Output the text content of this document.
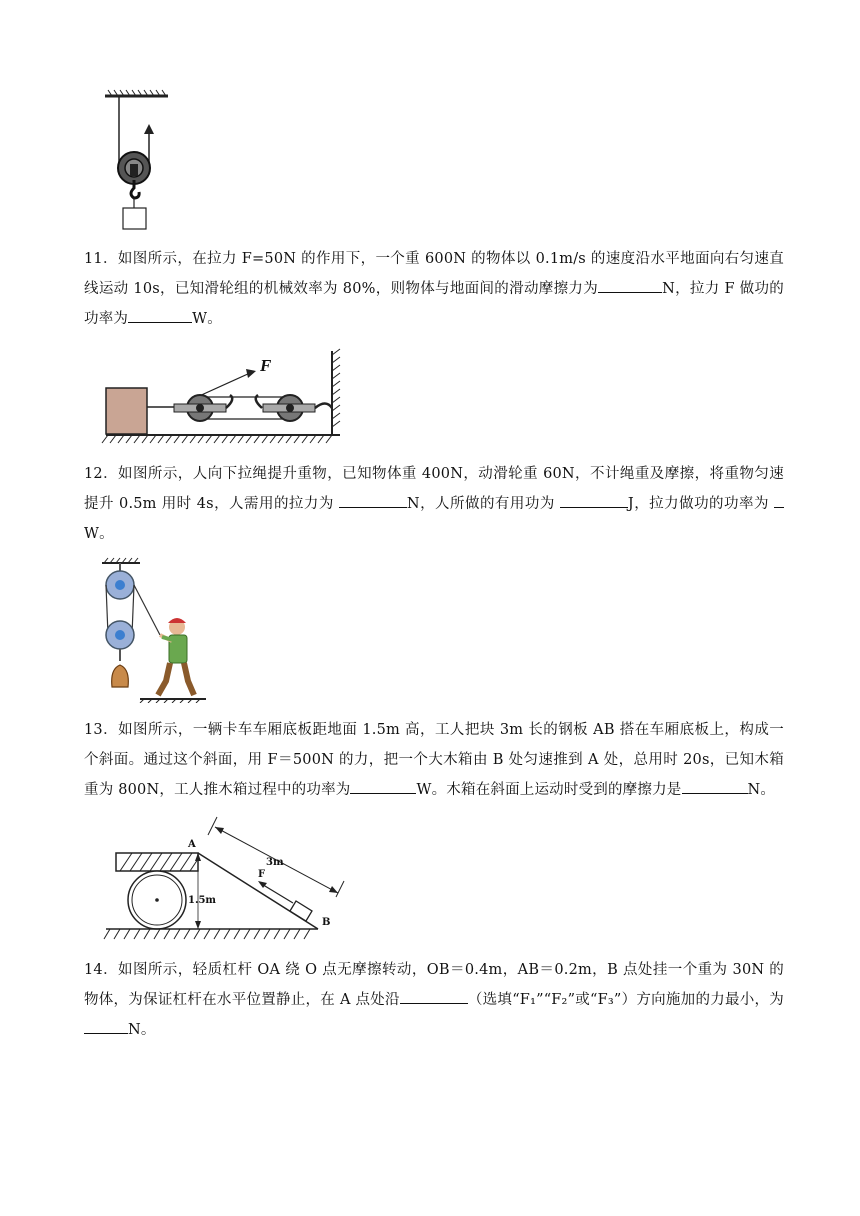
11．如图所示，在拉力 F=50N 的作用下，一个重 600N 的物体以 0.1m/s 的速度沿水平地面向右匀速直线运动 10s，已知滑轮组的机械效率为 80%，则物体与地面间的滑动摩擦力为	N，拉力 F 做功的功率为	W。

F

12．如图所示，人向下拉绳提升重物，已知物体重 400N，动滑轮重 60N，不计绳重及摩擦，将重物匀速提升 0.5m 用时 4s，人需用的拉力为	N，人所做的有用功为	J，拉力做功的功率为  W。

13．如图所示，一辆卡车车厢底板距地面 1.5m 高，工人把块 3m 长的钢板 AB 搭在车厢底板上，构成一个斜面。通过这个斜面，用 F＝500N 的力，把一个大木箱由 B 处匀速推到 A 处，总用时 20s，已知木箱重为 800N，工人推木箱过程中的功率为	W。木箱在斜面上运动时受到的摩擦力是	N。

A
B
F
3m
1.5m

14．如图所示，轻质杠杆 OA 绕 O 点无摩擦转动，OB＝0.4m，AB＝0.2m，B 点处挂一个重为 30N 的物体，为保证杠杆在水平位置静止，在 A 点处沿	（选填“F₁”“F₂”或“F₃”）方向施加的力最小，为N。
